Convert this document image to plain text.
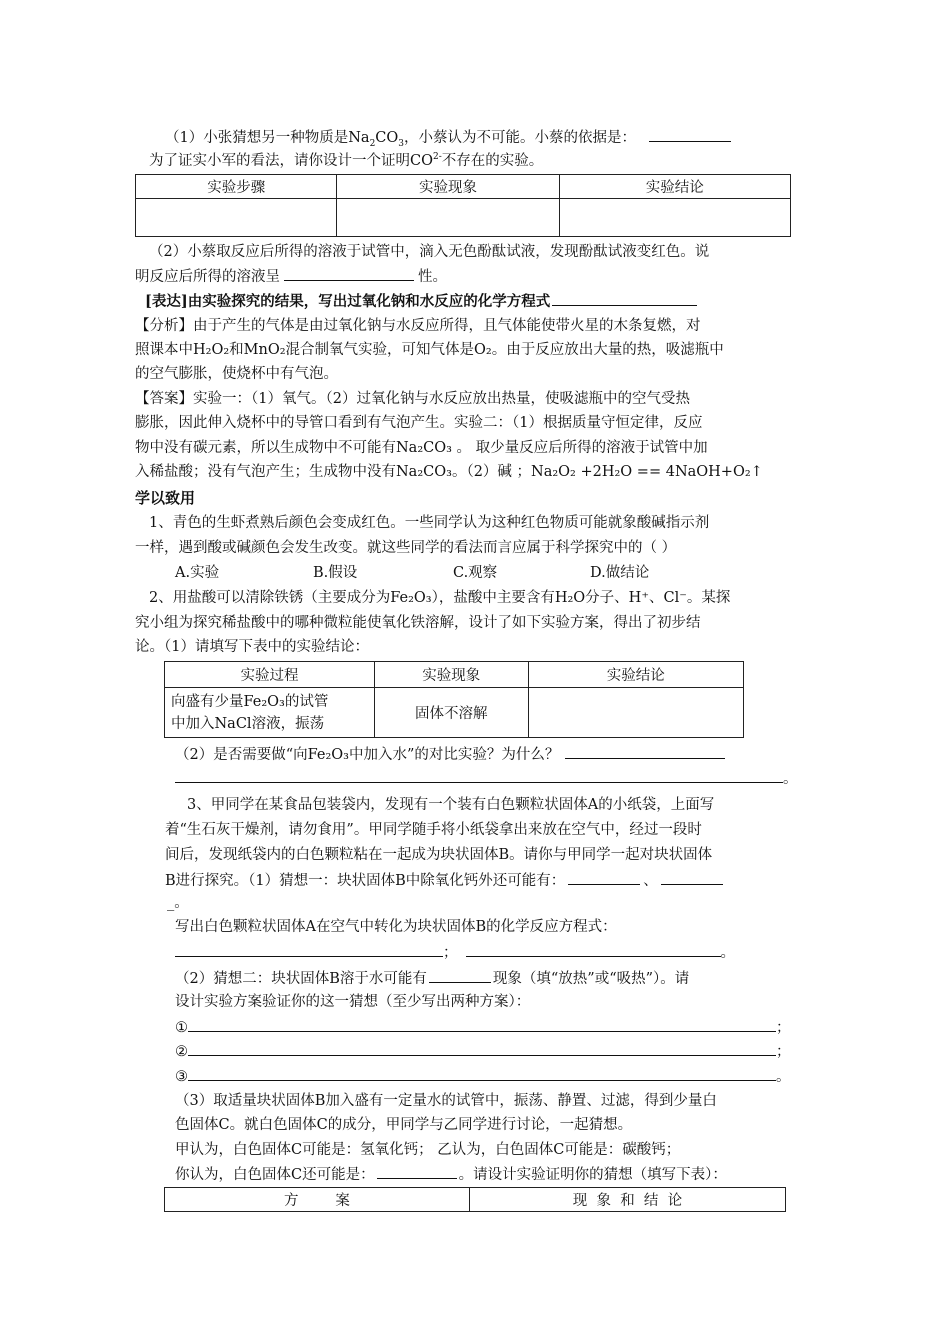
（1）小张猜想另一种物质是$Na_2CO_3$，小蔡认为不可能。小蔡的依据是：
为了证实小军的看法，请你设计一个证明$CO^{2-}$不存在的实验。
实验步骤	实验现象	实验结论

（2）小蔡取反应后所得的溶液于试管中，滴入无色酚酞试液，发现酚酞试液变红色。说
明反应后所得的溶液呈	性。
[表达]由实验探究的结果，写出过氧化钠和水反应的化学方程式
【分析】由于产生的气体是由过氧化钠与水反应所得，且气体能使带火星的木条复燃，对
照课本中H₂O₂和MnO₂混合制氧气实验，可知气体是O₂。由于反应放出大量的热，吸滤瓶中
的空气膨胀，使烧杯中有气泡。
【答案】实验一：（1）氧气。（2）过氧化钠与水反应放出热量，使吸滤瓶中的空气受热
膨胀，因此伸入烧杯中的导管口看到有气泡产生。实验二：（1）根据质量守恒定律，反应
物中没有碳元素，所以生成物中不可能有Na₂CO₃ 。 取少量反应后所得的溶液于试管中加
入稀盐酸；没有气泡产生；生成物中没有Na₂CO₃。（2）碱 ；Na₂O₂ +2H₂O == 4NaOH+O₂↑
学以致用
1、青色的生虾煮熟后颜色会变成红色。一些同学认为这种红色物质可能就象酸碱指示剂
一样，遇到酸或碱颜色会发生改变。就这些同学的看法而言应属于科学探究中的（ ）
A.实验	B.假设	C.观察	D.做结论
2、用盐酸可以清除铁锈（主要成分为Fe₂O₃），盐酸中主要含有H₂O分子、H⁺、Cl⁻。某探
究小组为探究稀盐酸中的哪种微粒能使氧化铁溶解，设计了如下实验方案，得出了初步结
论。（1）请填写下表中的实验结论：
实验过程	实验现象	实验结论

向盛有少量Fe₂O₃的试管
中加入NaCl溶液，振荡	固体不溶解	
（2）是否需要做“向Fe₂O₃中加入水”的对比实验？为什么？
。
3、甲同学在某食品包装袋内，发现有一个装有白色颗粒状固体A的小纸袋，上面写
着“生石灰干燥剂，请勿食用”。甲同学随手将小纸袋拿出来放在空气中，经过一段时
间后，发现纸袋内的白色颗粒粘在一起成为块状固体B。请你与甲同学一起对块状固体
B进行探究。（1）猜想一：块状固体B中除氧化钙外还可能有：	、
_。
写出白色颗粒状固体A在空气中转化为块状固体B的化学反应方程式：
；	。
（2）猜想二：块状固体B溶于水可能有	现象（填“放热”或“吸热”）。请
设计实验方案验证你的这一猜想（至少写出两种方案）：
①	；
②	；
③	。
（3）取适量块状固体B加入盛有一定量水的试管中，振荡、静置、过滤，得到少量白
色固体C。就白色固体C的成分，甲同学与乙同学进行讨论，一起猜想。
甲认为，白色固体C可能是：氢氧化钙； 乙认为，白色固体C可能是：碳酸钙；
你认为，白色固体C还可能是：	。请设计实验证明你的猜想（填写下表）：
方        案	现  象  和  结  论
